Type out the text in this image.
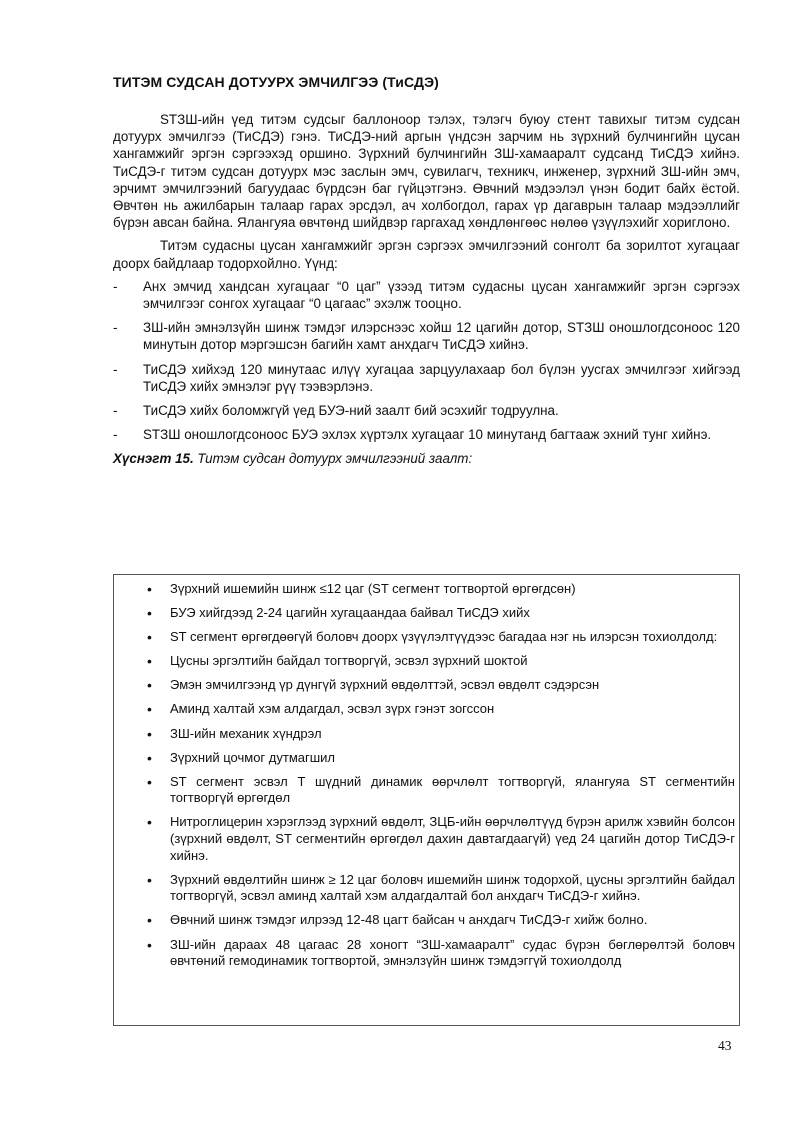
ТИТЭМ СУДСАН ДОТУУРХ ЭМЧИЛГЭЭ (ТиСДЭ)

STЗШ-ийн үед титэм судсыг баллоноор тэлэх, тэлэгч буюу стент тавихыг титэм судсан дотуурх эмчилгээ (ТиСДЭ) гэнэ. ТиСДЭ-ний аргын үндсэн зарчим нь зүрхний булчингийн цусан хангамжийг эргэн сэргээхэд оршино. Зүрхний булчингийн ЗШ-хамааралт судсанд ТиСДЭ хийнэ. ТиСДЭ-г титэм судсан дотуурх мэс заслын эмч, сувилагч, техникч, инженер, зүрхний ЗШ-ийн эмч, эрчимт эмчилгээний багуудаас бүрдсэн баг гүйцэтгэнэ. Өвчний мэдээлэл үнэн бодит байх ёстой. Өвчтөн нь ажилбарын талаар гарах эрсдэл, ач холбогдол, гарах үр дагаврын талаар мэдээллийг бүрэн авсан байна. Ялангуяа өвчтөнд шийдвэр гаргахад хөндлөнгөөс нөлөө үзүүлэхийг хориглоно.

Титэм судасны цусан хангамжийг эргэн сэргээх эмчилгээний сонголт ба зорилтот хугацааг доорх байдлаар тодорхойлно. Үүнд:

- Анх эмчид хандсан хугацааг “0 цаг” үзээд титэм судасны цусан хангамжийг эргэн сэргээх эмчилгээг сонгох хугацааг “0 цагаас” эхэлж тооцно.
- ЗШ-ийн эмнэлзүйн шинж тэмдэг илэрснээс хойш 12 цагийн дотор, STЗШ оношлогдсоноос 120 минутын дотор мэргэшсэн багийн хамт анхдагч ТиСДЭ хийнэ.
- ТиСДЭ хийхэд 120 минутаас илүү хугацаа зарцуулахаар бол бүлэн уусгах эмчилгээг хийгээд ТиСДЭ хийх эмнэлэг рүү тээвэрлэнэ.
- ТиСДЭ хийх боломжгүй үед БУЭ-ний заалт бий эсэхийг тодруулна.
- STЗШ оношлогдсоноос БУЭ эхлэх хүртэлх хугацааг 10 минутанд багтааж эхний тунг хийнэ.

Хүснэгт 15. Титэм судсан дотуурх эмчилгээний заалт:

• Зүрхний ишемийн шинж ≤12 цаг (ST сегмент тогтвортой өргөгдсөн)
• БУЭ хийгдээд 2-24 цагийн хугацаандаа байвал ТиСДЭ хийх
• ST сегмент өргөгдөөгүй боловч доорх үзүүлэлтүүдээс багадаа нэг нь илэрсэн тохиолдолд:
• Цусны эргэлтийн байдал тогтворгүй, эсвэл зүрхний шоктой
• Эмэн эмчилгээнд үр дүнгүй зүрхний өвдөлттэй, эсвэл өвдөлт сэдэрсэн
• Аминд халтай хэм алдагдал, эсвэл зүрх гэнэт зогссон
• ЗШ-ийн механик хүндрэл
• Зүрхний цочмог дутмагшил
• ST сегмент эсвэл T шүдний динамик өөрчлөлт тогтворгүй, ялангуяа ST сегментийн тогтворгүй өргөгдөл
• Нитроглицерин хэрэглээд зүрхний өвдөлт, ЗЦБ-ийн өөрчлөлтүүд бүрэн арилж хэвийн болсон (зүрхний өвдөлт, ST сегментийн өргөгдөл дахин давтагдаагүй) үед 24 цагийн дотор ТиСДЭ-г хийнэ.
• Зүрхний өвдөлтийн шинж ≥ 12 цаг боловч ишемийн шинж тодорхой, цусны эргэлтийн байдал тогтворгүй, эсвэл аминд халтай хэм алдагдалтай бол анхдагч ТиСДЭ-г хийнэ.
• Өвчний шинж тэмдэг илрээд 12-48 цагт байсан ч анхдагч ТиСДЭ-г хийж болно.
• ЗШ-ийн дараах 48 цагаас 28 хоногт “ЗШ-хамааралт” судас бүрэн бөглөрөлтэй боловч өвчтөний гемодинамик тогтвортой, эмнэлзүйн шинж тэмдэггүй тохиолдолд
43
